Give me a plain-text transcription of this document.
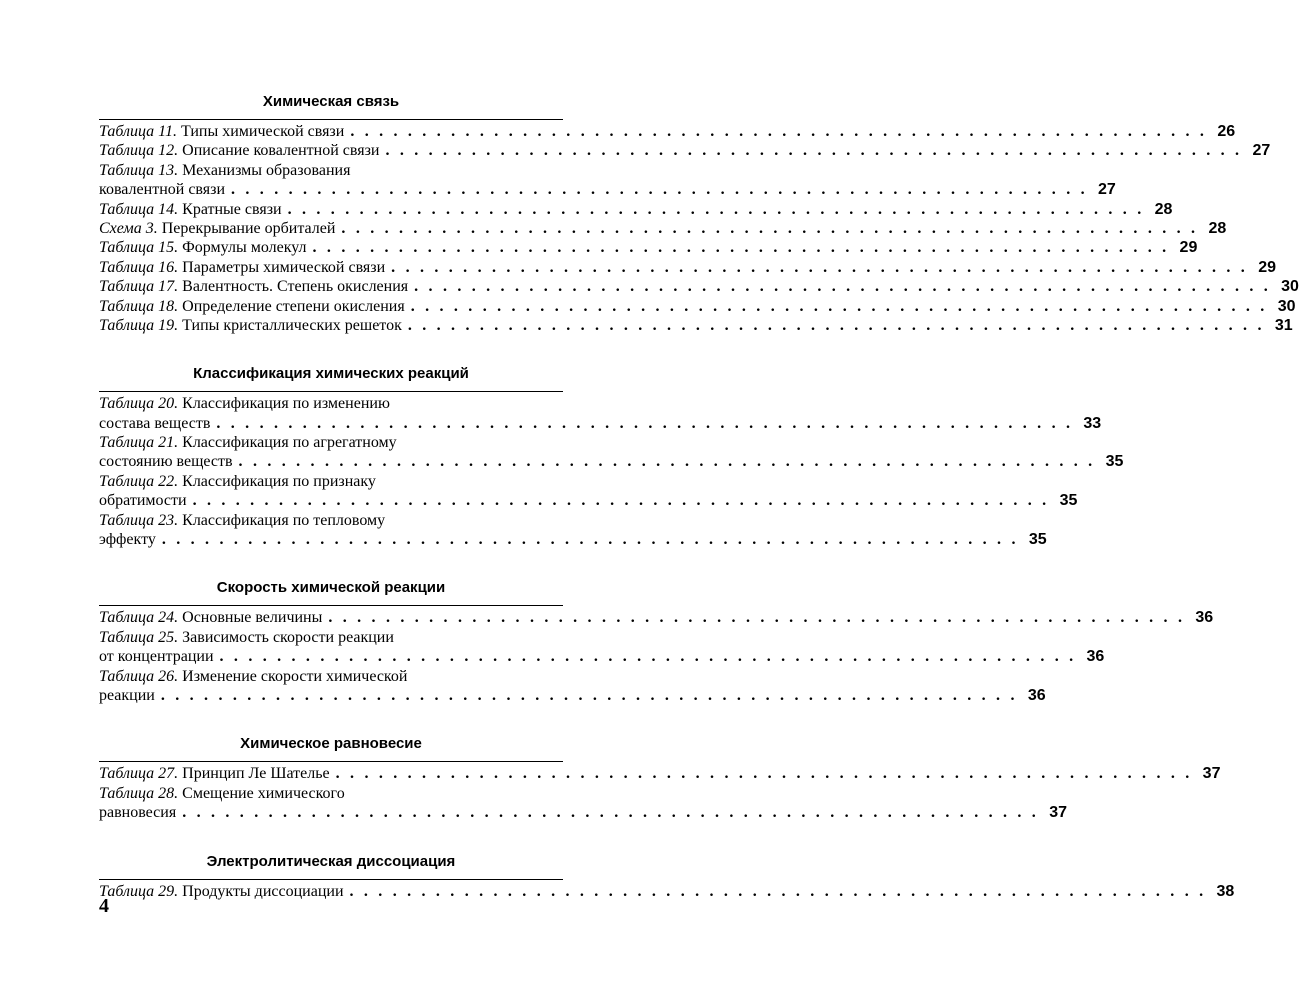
Химическая связь
Таблица 11.
Типы химической связи . . . . . . . . . . . . . . . . . . . . . . . . . . . . . . . . . . . . . . . . . . . . . . . . . . . . . . . . . . . . 26
Таблица 12.
Описание ковалентной связи . . . . . . . . . . . . . . . . . . . . . . . . . . . . . . . . . . . . . . . . . . . . . . . . . . . . . . . . . . . . 27
Таблица 13.
Механизмы образования
ковалентной связи . . . . . . . . . . . . . . . . . . . . . . . . . . . . . . . . . . . . . . . . . . . . . . . . . . . . . . . . . . . . 27
Таблица 14.
Кратные связи . . . . . . . . . . . . . . . . . . . . . . . . . . . . . . . . . . . . . . . . . . . . . . . . . . . . . . . . . . . . 28
Схема 3.
Перекрывание орбиталей . . . . . . . . . . . . . . . . . . . . . . . . . . . . . . . . . . . . . . . . . . . . . . . . . . . . . . . . . . . . 28
Таблица 15.
Формулы молекул . . . . . . . . . . . . . . . . . . . . . . . . . . . . . . . . . . . . . . . . . . . . . . . . . . . . . . . . . . . . 29
Таблица 16.
Параметры химической связи . . . . . . . . . . . . . . . . . . . . . . . . . . . . . . . . . . . . . . . . . . . . . . . . . . . . . . . . . . . . 29
Таблица 17.
Валентность. Степень окисления . . . . . . . . . . . . . . . . . . . . . . . . . . . . . . . . . . . . . . . . . . . . . . . . . . . . . . . . . . . . 30
Таблица 18.
Определение степени окисления . . . . . . . . . . . . . . . . . . . . . . . . . . . . . . . . . . . . . . . . . . . . . . . . . . . . . . . . . . . . 30
Таблица 19.
Типы кристаллических решеток . . . . . . . . . . . . . . . . . . . . . . . . . . . . . . . . . . . . . . . . . . . . . . . . . . . . . . . . . . . . 31
Классификация химических реакций
Таблица 20.
Классификация по изменению
состава веществ . . . . . . . . . . . . . . . . . . . . . . . . . . . . . . . . . . . . . . . . . . . . . . . . . . . . . . . . . . . . 33
Таблица 21.
Классификация по агрегатному
состоянию веществ . . . . . . . . . . . . . . . . . . . . . . . . . . . . . . . . . . . . . . . . . . . . . . . . . . . . . . . . . . . . 35
Таблица 22.
Классификация по признаку
обратимости . . . . . . . . . . . . . . . . . . . . . . . . . . . . . . . . . . . . . . . . . . . . . . . . . . . . . . . . . . . . 35
Таблица 23.
Классификация по тепловому
эффекту . . . . . . . . . . . . . . . . . . . . . . . . . . . . . . . . . . . . . . . . . . . . . . . . . . . . . . . . . . . . 35
Скорость химической реакции
Таблица 24.
Основные величины . . . . . . . . . . . . . . . . . . . . . . . . . . . . . . . . . . . . . . . . . . . . . . . . . . . . . . . . . . . . 36
Таблица 25.
Зависимость скорости реакции
от концентрации . . . . . . . . . . . . . . . . . . . . . . . . . . . . . . . . . . . . . . . . . . . . . . . . . . . . . . . . . . . . 36
Таблица 26.
Изменение скорости химической
реакции . . . . . . . . . . . . . . . . . . . . . . . . . . . . . . . . . . . . . . . . . . . . . . . . . . . . . . . . . . . . 36
Химическое равновесие
Таблица 27.
Принцип Ле Шателье . . . . . . . . . . . . . . . . . . . . . . . . . . . . . . . . . . . . . . . . . . . . . . . . . . . . . . . . . . . . 37
Таблица 28.
Смещение химического
равновесия . . . . . . . . . . . . . . . . . . . . . . . . . . . . . . . . . . . . . . . . . . . . . . . . . . . . . . . . . . . . 37
Электролитическая диссоциация
Таблица 29.
Продукты диссоциации . . . . . . . . . . . . . . . . . . . . . . . . . . . . . . . . . . . . . . . . . . . . . . . . . . . . . . . . . . . . 38
4
